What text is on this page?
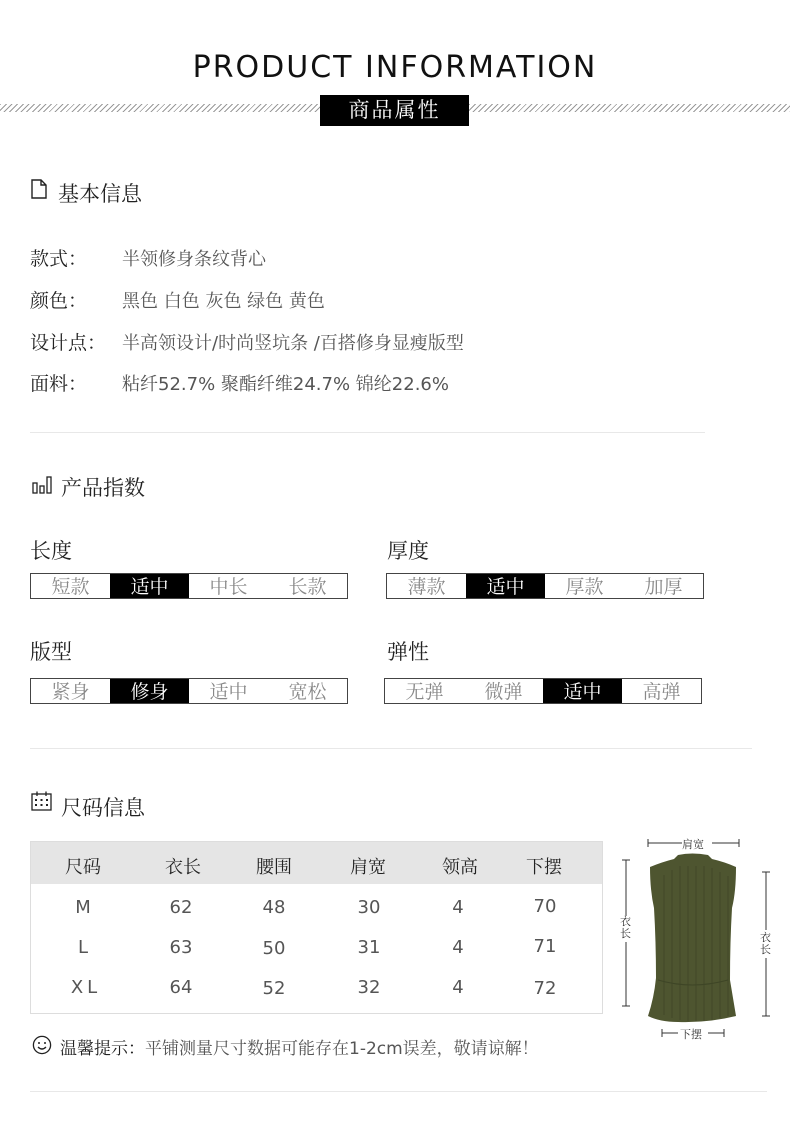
PRODUCT INFORMATION
商品属性
基本信息
款式： 半领修身条纹背心
颜色： 黑色 白色 灰色 绿色 黄色
设计点： 半高领设计/时尚竖坑条 /百搭修身显瘦版型
面料： 粘纤52.7% 聚酯纤维24.7% 锦纶22.6%
产品指数
长度
短款	适中	中长	长款
厚度
薄款	适中	厚款	加厚
版型
紧身	修身	适中	宽松
弹性
无弹	微弹	适中	高弹
尺码信息
尺码	衣长	腰围	肩宽	领高	下摆
M	62	48	30	4	70
L	63	50	31	4	71
XL	64	52	32	4	72
肩宽
衣长	衣长
下摆
温馨提示：平铺测量尺寸数据可能存在1-2cm误差，敬请谅解！
